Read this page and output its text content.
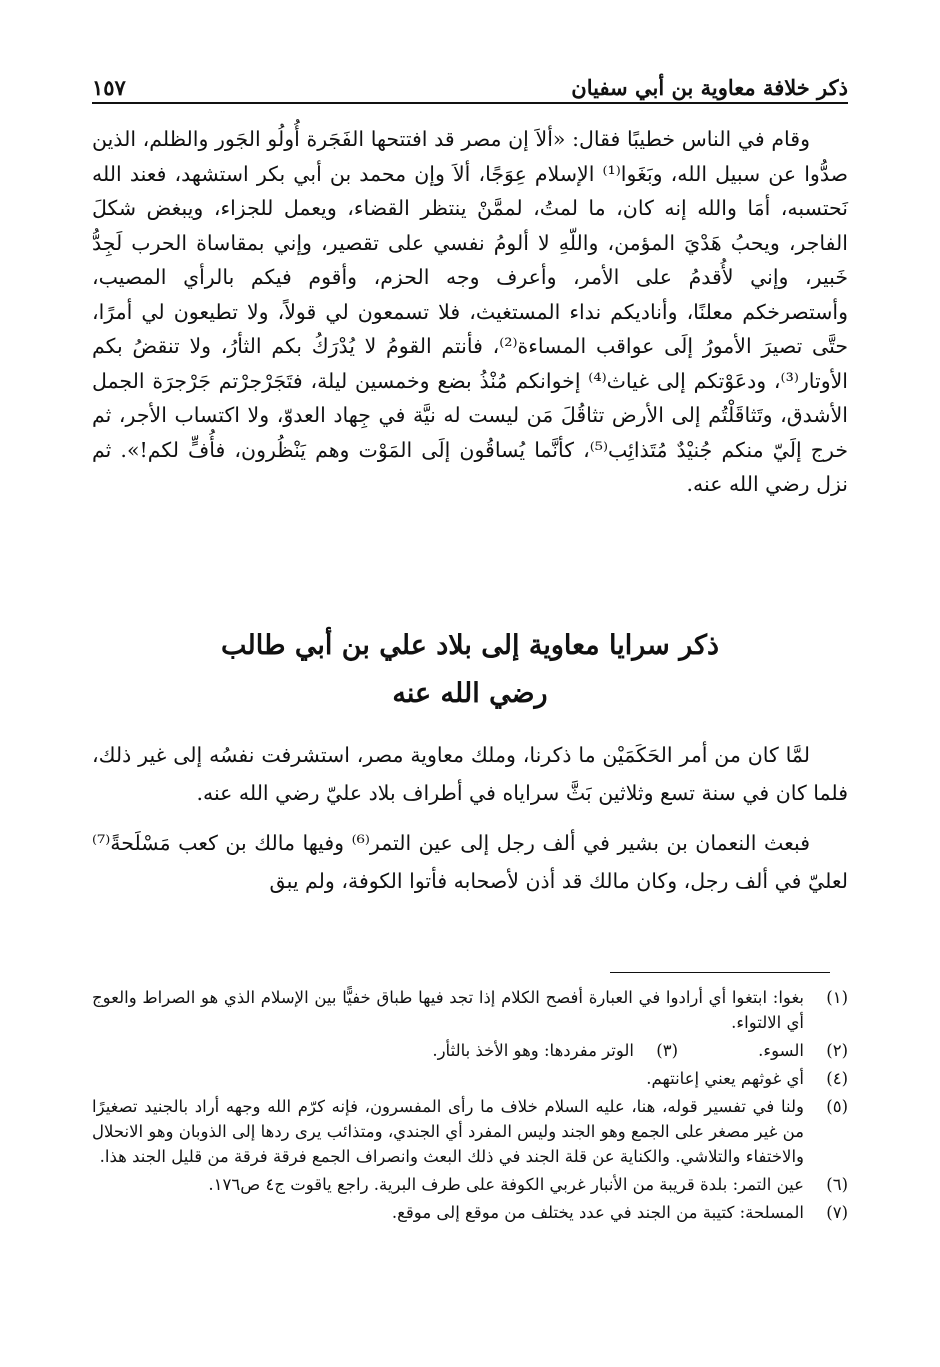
ذكر خلافة معاوية بن أبي سفيان
١٥٧

وقام في الناس خطيبًا فقال: «ألاَ إن مصر قد افتتحها الفَجَرة أُولُو الجَور والظلم، الذين صدُّوا عن سبيل الله، وبَغَوا⁽¹⁾ الإسلام عِوَجًا، ألاَ وإن محمد بن أبي بكر استشهد، فعند الله نَحتسبه، أمَا والله إنه كان، ما لمتُ، لممَّنْ ينتظر القضاء، ويعمل للجزاء، ويبغض شكلَ الفاجر، ويحبُ هَدْيَ المؤمن، واللّهِ لا ألومُ نفسي على تقصير، وإني بمقاساة الحرب لَجِدُّ خَبير، وإني لأُقدمُ على الأمر، وأعرف وجه الحزم، وأقوم فيكم بالرأي المصيب، وأستصرخكم معلنًا، وأناديكم نداء المستغيث، فلا تسمعون لي قولاً، ولا تطيعون لي أمرًا، حتَّى تصيرَ الأمورُ إلَى عواقب المساءة⁽²⁾، فأنتم القومُ لا يُدْرَكُ بكم الثأرُ، ولا تنقضُ بكم الأوتار⁽³⁾، ودعَوْتكم إلى غياث⁽⁴⁾ إخوانكم مُنْذُ بضع وخمسين ليلة، فتَجَرْجرْتم جَرْجرَة الجمل الأشدق، وتَثاقَلْتُم إلى الأرض تثاقُلَ مَن ليست له نيَّة في جِهاد العدوّ، ولا اكتساب الأجر، ثم خرج إلَيّ منكم جُنيْدٌ مُتَذائِب⁽⁵⁾، كأنَّما يُساقُون إلَى المَوْت وهم يَنْظُرون، فأُفٍّ لكم!». ثم نزل رضي الله عنه.

ذكر سرايا معاوية إلى بلاد علي بن أبي طالب
رضي الله عنه

لمَّا كان من أمر الحَكَمَيْن ما ذكرنا، وملك معاوية مصر، استشرفت نفسُه إلى غير ذلك، فلما كان في سنة تسع وثلاثين بَثَّ سراياه في أطراف بلاد عليّ رضي الله عنه.

فبعث النعمان بن بشير في ألف رجل إلى عين التمر⁽⁶⁾ وفيها مالك بن كعب مَسْلَحةً⁽⁷⁾ لعليّ في ألف رجل، وكان مالك قد أذن لأصحابه فأتوا الكوفة، ولم يبق

(١)
بغوا: ابتغوا أي أرادوا في العبارة أفصح الكلام إذا تجد فيها طباق خفيًّا بين الإسلام الذي هو الصراط والعوج أي الالتواء.
(٢)
السوء.
(٣)
الوتر مفردها: وهو الأخذ بالثأر.
(٤)
أي غوثهم يعني إعانتهم.
(٥)
ولنا في تفسير قوله، هنا، عليه السلام خلاف ما رأى المفسرون، فإنه كرّم الله وجهه أراد بالجنيد تصغيرًا من غير مصغر على الجمع وهو الجند وليس المفرد أي الجندي، ومتذائب يرى ردها إلى الذوبان وهو الانحلال والاختفاء والتلاشي. والكناية عن قلة الجند في ذلك البعث وانصراف الجمع فرقة فرقة من قليل الجند هذا.
(٦)
عين التمر: بلدة قريبة من الأنبار غربي الكوفة على طرف البرية. راجع ياقوت ج٤ ص١٧٦.
(٧)
المسلحة: كتيبة من الجند في عدد يختلف من موقع إلى موقع.
